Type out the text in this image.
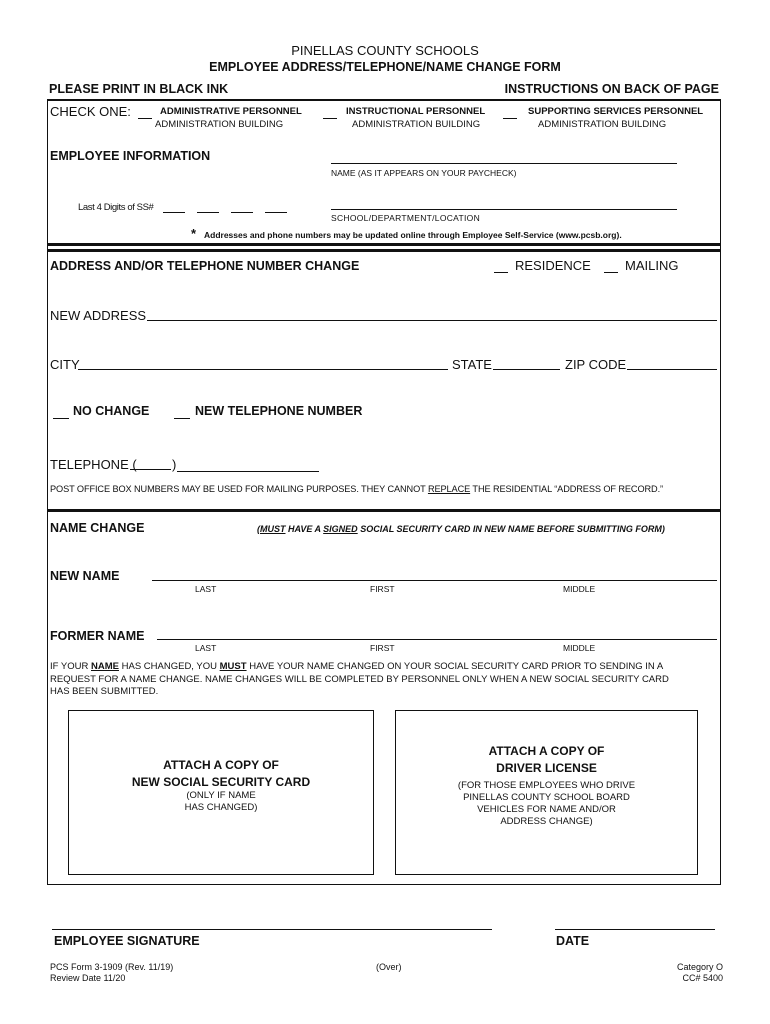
PINELLAS COUNTY SCHOOLS
EMPLOYEE ADDRESS/TELEPHONE/NAME CHANGE FORM
PLEASE PRINT IN BLACK INK	INSTRUCTIONS ON BACK OF PAGE
CHECK ONE:	ADMINISTRATIVE PERSONNEL
ADMINISTRATION BUILDING
INSTRUCTIONAL PERSONNEL
ADMINISTRATION BUILDING
SUPPORTING SERVICES PERSONNEL
ADMINISTRATION BUILDING
EMPLOYEE INFORMATION
NAME (AS IT APPEARS ON YOUR PAYCHECK)
Last 4 Digits of SS#
SCHOOL/DEPARTMENT/LOCATION
* Addresses and phone numbers may be updated online through Employee Self-Service (www.pcsb.org).
ADDRESS AND/OR TELEPHONE NUMBER CHANGE	RESIDENCE	MAILING
NEW ADDRESS
CITY	STATE	ZIP CODE
NO CHANGE	NEW TELEPHONE NUMBER
TELEPHONE (	)
POST OFFICE BOX NUMBERS MAY BE USED FOR MAILING PURPOSES. THEY CANNOT REPLACE THE RESIDENTIAL “ADDRESS OF RECORD.”
NAME CHANGE	(MUST HAVE A SIGNED SOCIAL SECURITY CARD IN NEW NAME BEFORE SUBMITTING FORM)
NEW NAME
LAST	FIRST	MIDDLE
FORMER NAME
LAST	FIRST	MIDDLE
IF YOUR NAME HAS CHANGED, YOU MUST HAVE YOUR NAME CHANGED ON YOUR SOCIAL SECURITY CARD PRIOR TO SENDING IN A
REQUEST FOR A NAME CHANGE. NAME CHANGES WILL BE COMPLETED BY PERSONNEL ONLY WHEN A NEW SOCIAL SECURITY CARD
HAS BEEN SUBMITTED.
ATTACH A COPY OF
NEW SOCIAL SECURITY CARD
(ONLY IF NAME
HAS CHANGED)
ATTACH A COPY OF
DRIVER LICENSE
(FOR THOSE EMPLOYEES WHO DRIVE
PINELLAS COUNTY SCHOOL BOARD
VEHICLES FOR NAME AND/OR
ADDRESS CHANGE)
EMPLOYEE SIGNATURE	DATE
PCS Form 3-1909 (Rev. 11/19)
Review Date 11/20
(Over)	Category O
CC# 5400
